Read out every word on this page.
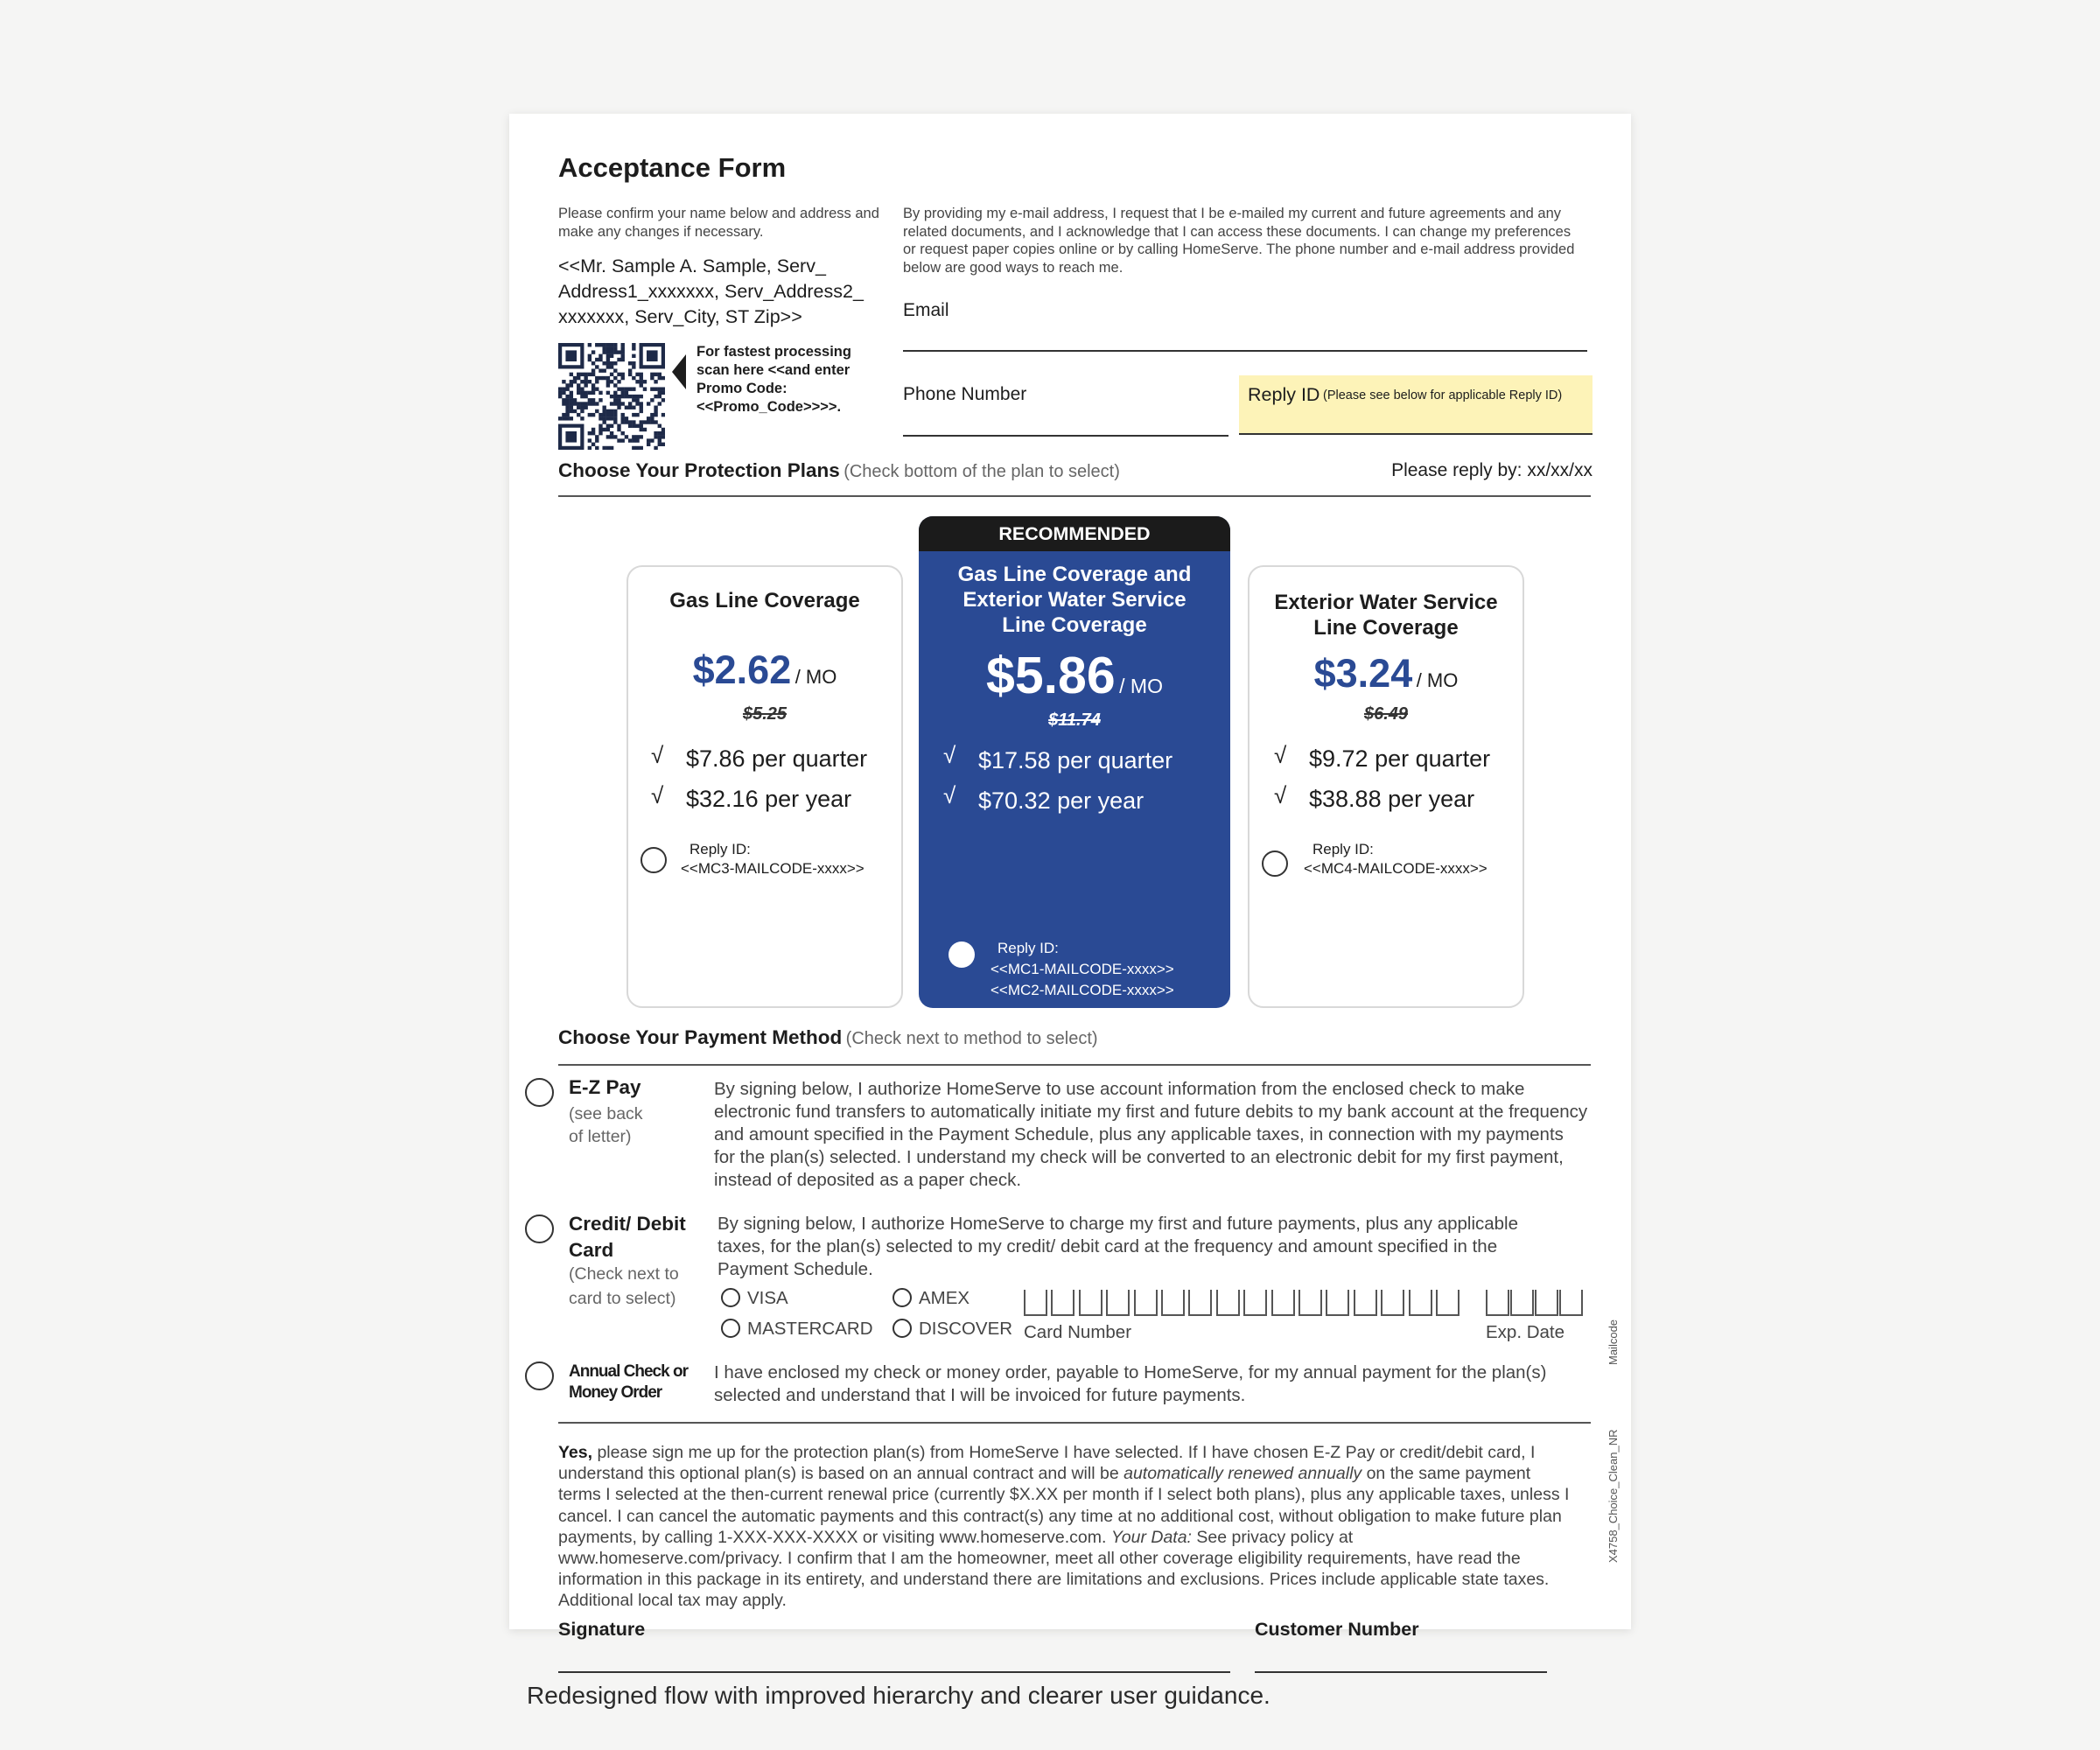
Acceptance Form
Please confirm your name below and address and make any changes if necessary.
<<Mr. Sample A. Sample, Serv_ Address1_xxxxxxx, Serv_Address2_ xxxxxxx, Serv_City, ST Zip>>
For fastest processing scan here <<and enter Promo Code: <<Promo_Code>>>>.
By providing my e-mail address, I request that I be e-mailed my current and future agreements and any related documents, and I acknowledge that I can access these documents. I can change my preferences or request paper copies online or by calling HomeServe. The phone number and e-mail address provided below are good ways to reach me.
Email
Phone Number	Reply ID (Please see below for applicable Reply ID)
Choose Your Protection Plans (Check bottom of the plan to select)	Please reply by: xx/xx/xx
Gas Line Coverage
$2.62 / MO
$5.25
√ $7.86 per quarter
√ $32.16 per year
Reply ID:
<<MC3-MAILCODE-xxxx>>
RECOMMENDED
Gas Line Coverage and Exterior Water Service Line Coverage
$5.86 / MO
$11.74
√ $17.58 per quarter
√ $70.32 per year
Reply ID:
<<MC1-MAILCODE-xxxx>>
<<MC2-MAILCODE-xxxx>>
Exterior Water Service Line Coverage
$3.24 / MO
$6.49
√ $9.72 per quarter
√ $38.88 per year
Reply ID:
<<MC4-MAILCODE-xxxx>>
Choose Your Payment Method (Check next to method to select)
E-Z Pay
(see back of letter)
By signing below, I authorize HomeServe to use account information from the enclosed check to make electronic fund transfers to automatically initiate my first and future debits to my bank account at the frequency and amount specified in the Payment Schedule, plus any applicable taxes, in connection with my payments for the plan(s) selected. I understand my check will be converted to an electronic debit for my first payment, instead of deposited as a paper check.
Credit/ Debit Card
(Check next to card to select)
By signing below, I authorize HomeServe to charge my first and future payments, plus any applicable taxes, for the plan(s) selected to my credit/ debit card at the frequency and amount specified in the Payment Schedule.
VISA	AMEX
MASTERCARD	DISCOVER Card Number	Exp. Date
Annual Check or Money Order
I have enclosed my check or money order, payable to HomeServe, for my annual payment for the plan(s) selected and understand that I will be invoiced for future payments.
Yes, please sign me up for the protection plan(s) from HomeServe I have selected. If I have chosen E-Z Pay or credit/debit card, I understand this optional plan(s) is based on an annual contract and will be automatically renewed annually on the same payment terms I selected at the then-current renewal price (currently $X.XX per month if I select both plans), plus any applicable taxes, unless I cancel. I can cancel the automatic payments and this contract(s) any time at no additional cost, without obligation to make future plan payments, by calling 1-XXX-XXX-XXXX or visiting www.homeserve.com. Your Data: See privacy policy at www.homeserve.com/privacy. I confirm that I am the homeowner, meet all other coverage eligibility requirements, have read the information in this package in its entirety, and understand there are limitations and exclusions. Prices include applicable state taxes. Additional local tax may apply.
Signature	Customer Number
Mailcode
X4758_Choice_Clean_NR
Redesigned flow with improved hierarchy and clearer user guidance.
